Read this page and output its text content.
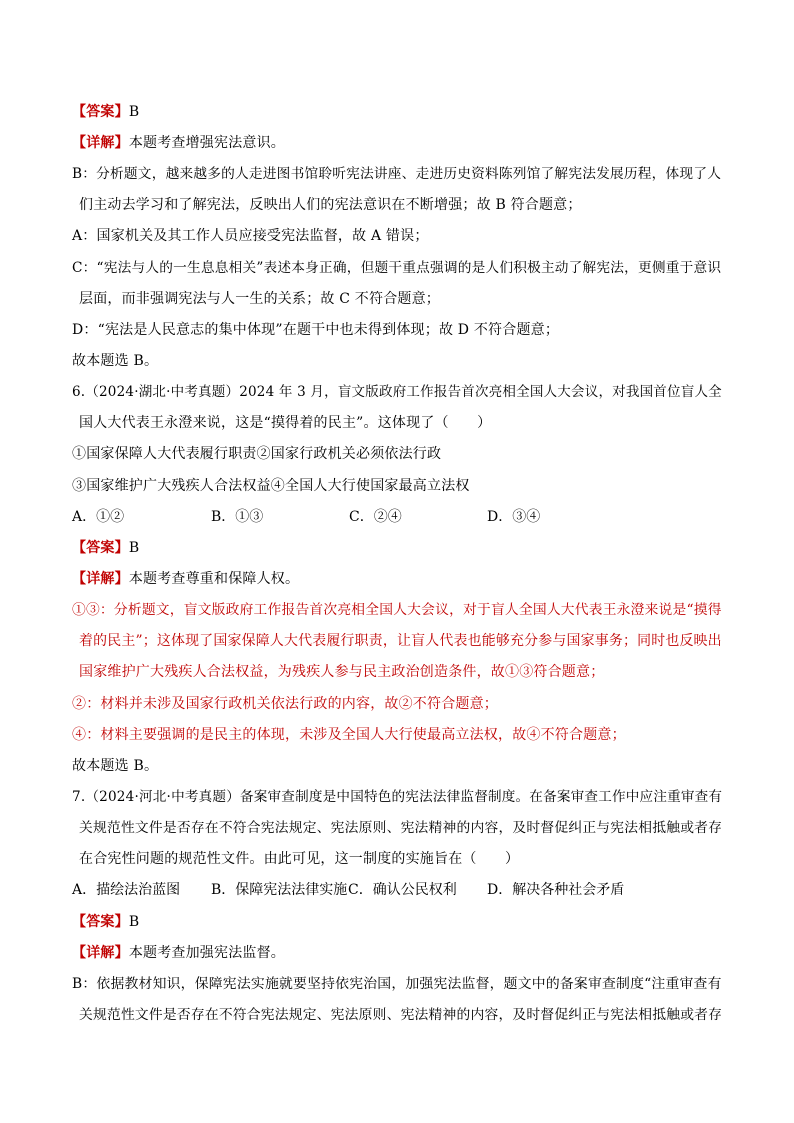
【答案】B
【详解】本题考查增强宪法意识。
B：分析题文，越来越多的人走进图书馆聆听宪法讲座、走进历史资料陈列馆了解宪法发展历程，体现了人
们主动去学习和了解宪法，反映出人们的宪法意识在不断增强；故 B 符合题意；
A：国家机关及其工作人员应接受宪法监督，故 A 错误；
C：“宪法与人的一生息息相关”表述本身正确，但题干重点强调的是人们积极主动了解宪法，更侧重于意识
层面，而非强调宪法与人一生的关系；故 C 不符合题意；
D：“宪法是人民意志的集中体现”在题干中也未得到体现；故 D 不符合题意；
故本题选 B。
6.（2024·湖北·中考真题）2024 年 3 月，盲文版政府工作报告首次亮相全国人大会议，对我国首位盲人全
国人大代表王永澄来说，这是“摸得着的民主”。这体现了（　　）
①国家保障人大代表履行职责②国家行政机关必须依法行政
③国家维护广大残疾人合法权益④全国人大行使国家最高立法权
A．①②	B．①③	C．②④	D．③④
【答案】B
【详解】本题考查尊重和保障人权。
①③：分析题文，盲文版政府工作报告首次亮相全国人大会议，对于盲人全国人大代表王永澄来说是“摸得
着的民主”；这体现了国家保障人大代表履行职责，让盲人代表也能够充分参与国家事务；同时也反映出
国家维护广大残疾人合法权益，为残疾人参与民主政治创造条件，故①③符合题意；
②：材料并未涉及国家行政机关依法行政的内容，故②不符合题意；
④：材料主要强调的是民主的体现，未涉及全国人大行使最高立法权，故④不符合题意；
故本题选 B。
7.（2024·河北·中考真题）备案审查制度是中国特色的宪法法律监督制度。在备案审查工作中应注重审查有
关规范性文件是否存在不符合宪法规定、宪法原则、宪法精神的内容，及时督促纠正与宪法相抵触或者存
在合宪性问题的规范性文件。由此可见，这一制度的实施旨在（　　）
A．描绘法治蓝图 B．保障宪法法律实施 C．确认公民权利 D．解决各种社会矛盾
【答案】B
【详解】本题考查加强宪法监督。
B：依据教材知识，保障宪法实施就要坚持依宪治国，加强宪法监督，题文中的备案审查制度“注重审查有
关规范性文件是否存在不符合宪法规定、宪法原则、宪法精神的内容，及时督促纠正与宪法相抵触或者存
